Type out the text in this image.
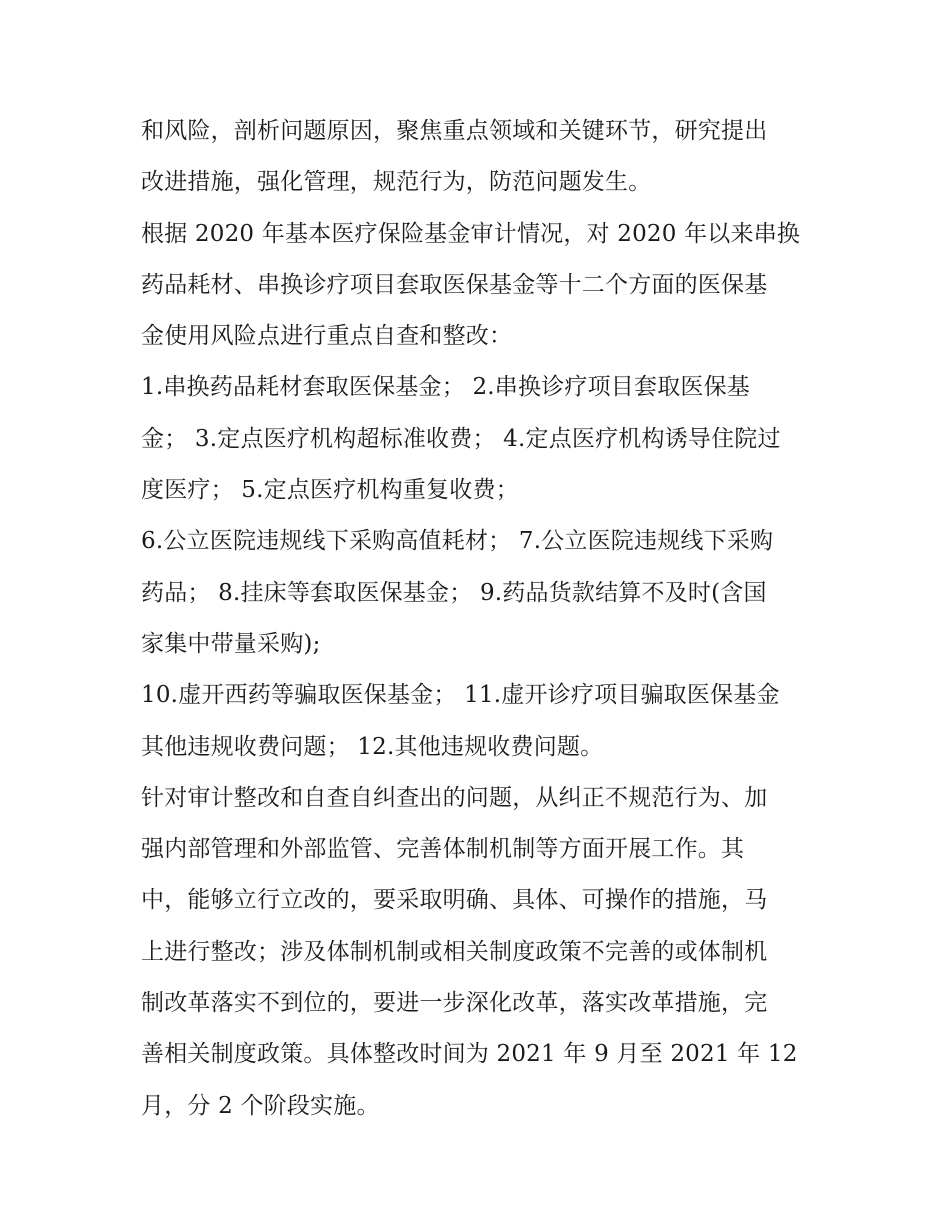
和风险，剖析问题原因，聚焦重点领域和关键环节，研究提出
改进措施，强化管理，规范行为，防范问题发生。
根据 2020 年基本医疗保险基金审计情况，对 2020 年以来串换
药品耗材、串换诊疗项目套取医保基金等十二个方面的医保基
金使用风险点进行重点自查和整改：
1.串换药品耗材套取医保基金； 2.串换诊疗项目套取医保基
金； 3.定点医疗机构超标准收费； 4.定点医疗机构诱导住院过
度医疗； 5.定点医疗机构重复收费；
6.公立医院违规线下采购高值耗材； 7.公立医院违规线下采购
药品； 8.挂床等套取医保基金； 9.药品货款结算不及时(含国
家集中带量采购);
10.虚开西药等骗取医保基金； 11.虚开诊疗项目骗取医保基金
其他违规收费问题； 12.其他违规收费问题。
针对审计整改和自查自纠查出的问题，从纠正不规范行为、加
强内部管理和外部监管、完善体制机制等方面开展工作。其
中，能够立行立改的，要采取明确、具体、可操作的措施，马
上进行整改；涉及体制机制或相关制度政策不完善的或体制机
制改革落实不到位的，要进一步深化改革，落实改革措施，完
善相关制度政策。具体整改时间为 2021 年 9 月至 2021 年 12
月，分 2 个阶段实施。
